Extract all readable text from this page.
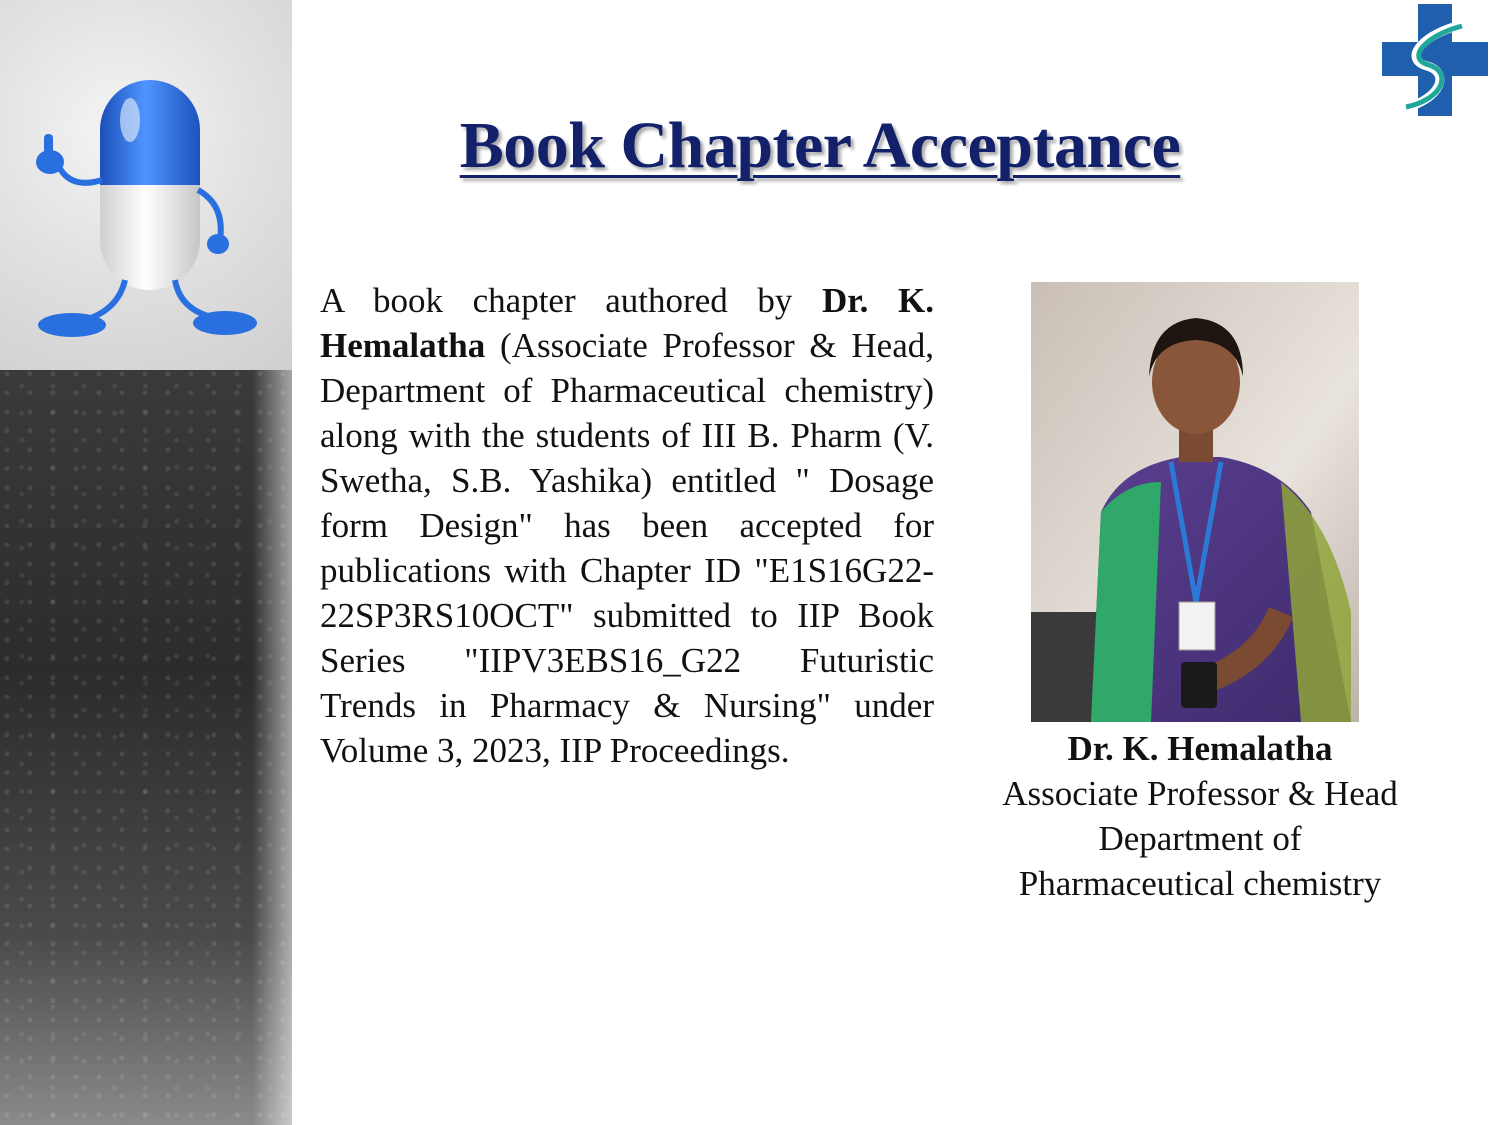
Book Chapter Acceptance

A book chapter authored by Dr. K. Hemalatha (Associate Professor & Head, Department of Pharmaceutical chemistry) along with the students of III B. Pharm (V. Swetha, S.B. Yashika) entitled " Dosage form Design" has been accepted for publications with Chapter ID "E1S16G22-22SP3RS10OCT" submitted to IIP Book Series "IIPV3EBS16_G22 Futuristic Trends in Pharmacy & Nursing" under Volume 3, 2023, IIP Proceedings.	Dr. K. Hemalatha
Associate Professor & Head
Department of
Pharmaceutical chemistry
